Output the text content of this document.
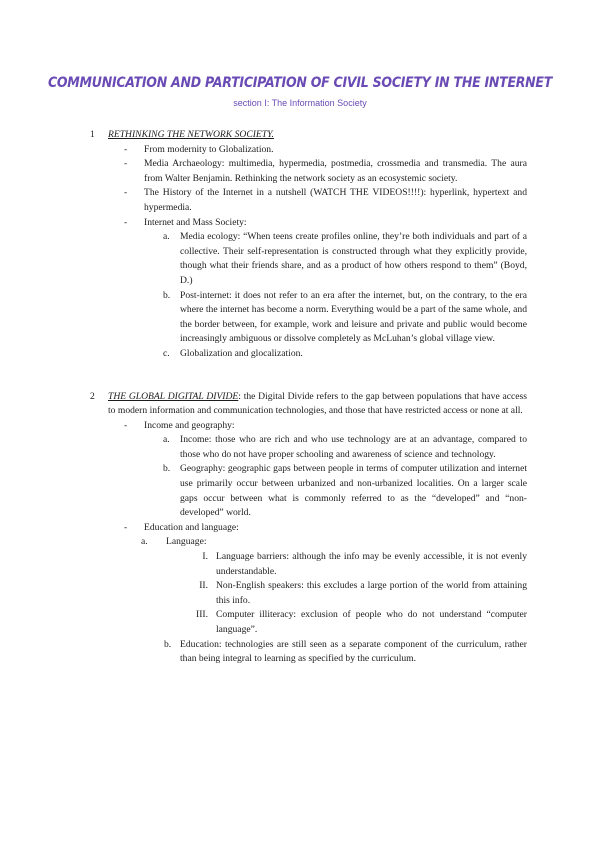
COMMUNICATION AND PARTICIPATION OF CIVIL SOCIETY IN THE INTERNET

section I: The Information Society

1	RETHINKING THE NETWORK SOCIETY.
- From modernity to Globalization.
- Media Archaeology: multimedia, hypermedia, postmedia, crossmedia and transmedia. The aura from Walter Benjamin. Rethinking the network society as an ecosystemic society.
- The History of the Internet in a nutshell (WATCH THE VIDEOS!!!!): hyperlink, hypertext and hypermedia.
- Internet and Mass Society:
a. Media ecology: “When teens create profiles online, they’re both individuals and part of a collective. Their self-representation is constructed through what they explicitly provide, though what their friends share, and as a product of how others respond to them” (Boyd, D.)
b. Post-internet: it does not refer to an era after the internet, but, on the contrary, to the era where the internet has become a norm. Everything would be a part of the same whole, and the border between, for example, work and leisure and private and public would become increasingly ambiguous or dissolve completely as McLuhan’s global village view.
c. Globalization and glocalization.
2	THE GLOBAL DIGITAL DIVIDE: the Digital Divide refers to the gap between populations that have access to modern information and communication technologies, and those that have restricted access or none at all.
- Income and geography:
a. Income: those who are rich and who use technology are at an advantage, compared to those who do not have proper schooling and awareness of science and technology.
b. Geography: geographic gaps between people in terms of computer utilization and internet use primarily occur between urbanized and non-urbanized localities. On a larger scale gaps occur between what is commonly referred to as the “developed” and “non-developed” world.
- Education and language:
a. Language:
I. Language barriers: although the info may be evenly accessible, it is not evenly understandable.
II. Non-English speakers: this excludes a large portion of the world from attaining this info.
III. Computer illiteracy: exclusion of people who do not understand “computer language”.
b. Education: technologies are still seen as a separate component of the curriculum, rather than being integral to learning as specified by the curriculum.
